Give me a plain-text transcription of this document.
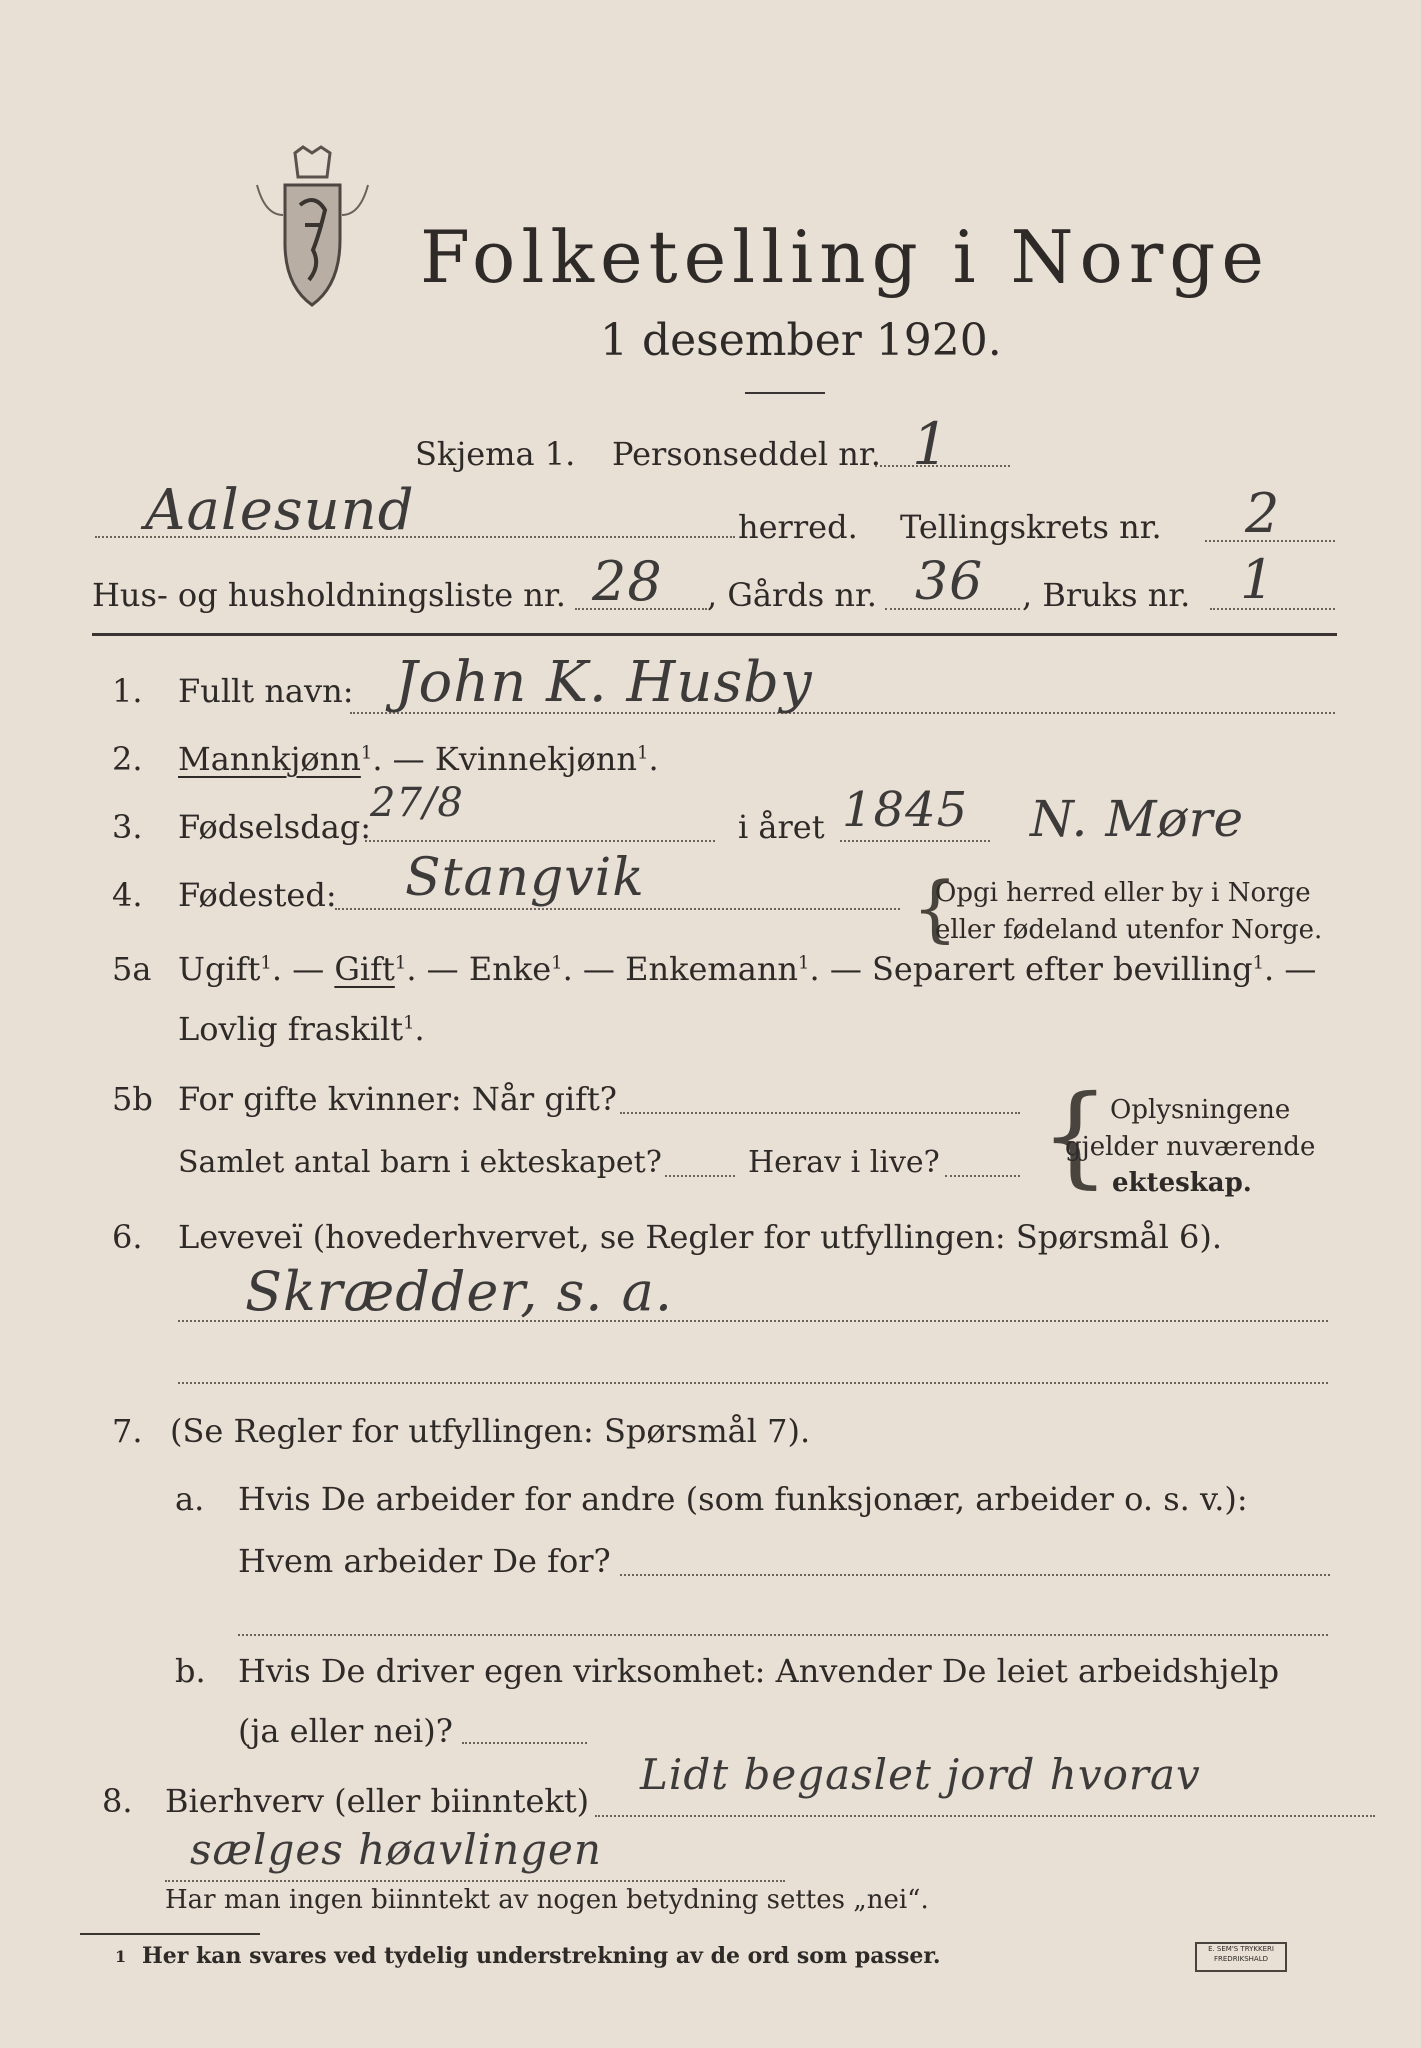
Folketelling i Norge
1 desember 1920.
Skjema 1. Personseddel nr. 1
Aalesund	herred. Tellingskrets nr. 2
Hus- og husholdningsliste nr. 28 , Gårds nr. 36 , Bruks nr. 1
1. Fullt navn: John K. Husby
2. Mannkjønn$^1$. — Kvinnekjønn$^1$.
3. Fødselsdag:
27/8
i året 1845 N. Møre
4. Fødested: Stangvik	{
Opgi herred eller by i Norge
eller fødeland utenfor Norge.
5a Ugift$^1$. — Gift$^1$. — Enke$^1$. — Enkemann$^1$. — Separert efter bevilling$^1$. —
Lovlig fraskilt$^1$.
5b For gifte kvinner: Når gift?
Samlet antal barn i ekteskapet?	Herav i live? { Oplysningene
gjelder nuværende
ekteskap.
6. Leveveï (hovederhvervet, se Regler for utfyllingen: Spørsmål 6).
Skrædder, s. a.
7. (Se Regler for utfyllingen: Spørsmål 7).
a. Hvis De arbeider for andre (som funksjonær, arbeider o. s. v.):
Hvem arbeider De for?
b. Hvis De driver egen virksomhet: Anvender De leiet arbeidshjelp
(ja eller nei)?
8. Bierhverv (eller biinntekt)
Lidt begaslet jord hvorav
sælges høavlingen
Har man ingen biinntekt av nogen betydning settes „nei“.
1 Her kan svares ved tydelig understrekning av de ord som passer.	E. SEM'S TRYKKERI
FREDRIKSHALD
